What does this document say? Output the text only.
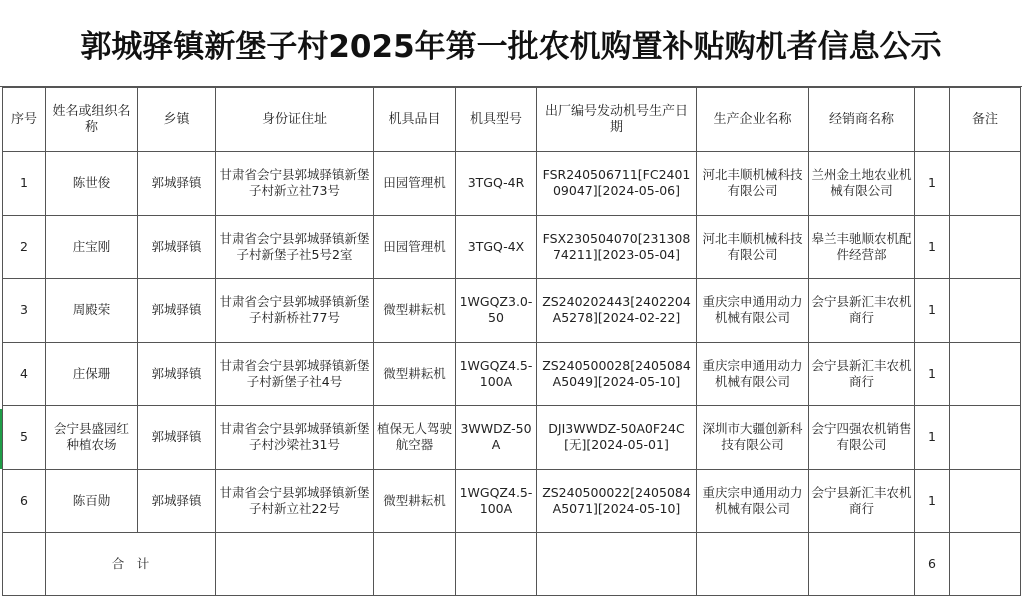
郭城驿镇新堡子村2025年第一批农机购置补贴购机者信息公示
序号	姓名或组织名称	乡镇	身份证住址	机具品目	机具型号	出厂编号发动机号生产日期	生产企业名称	经销商名称		备注
1	陈世俊	郭城驿镇	甘肃省会宁县郭城驿镇新堡子村新立社73号	田园管理机	3TGQ-4R	FSR240506711[FC240109047][2024-05-06]	河北丰顺机械科技有限公司	兰州金土地农业机械有限公司	1	
2	庄宝刚	郭城驿镇	甘肃省会宁县郭城驿镇新堡子村新堡子社5号2室	田园管理机	3TGQ-4X	FSX230504070[23130874211][2023-05-04]	河北丰顺机械科技有限公司	皋兰丰驰顺农机配件经营部	1	
3	周殿荣	郭城驿镇	甘肃省会宁县郭城驿镇新堡子村新桥社77号	微型耕耘机	1WGQZ3.0-50	ZS240202443[2402204A5278][2024-02-22]	重庆宗申通用动力机械有限公司	会宁县新汇丰农机商行	1	
4	庄保珊	郭城驿镇	甘肃省会宁县郭城驿镇新堡子村新堡子社4号	微型耕耘机	1WGQZ4.5-100A	ZS240500028[2405084A5049][2024-05-10]	重庆宗申通用动力机械有限公司	会宁县新汇丰农机商行	1	
5	会宁县盛园红种植农场	郭城驿镇	甘肃省会宁县郭城驿镇新堡子村沙梁社31号	植保无人驾驶航空器	3WWDZ-50A	DJI3WWDZ-50A0F24C[无][2024-05-01]	深圳市大疆创新科技有限公司	会宁四强农机销售有限公司	1	
6	陈百勋	郭城驿镇	甘肃省会宁县郭城驿镇新堡子村新立社22号	微型耕耘机	1WGQZ4.5-100A	ZS240500022[2405084A5071][2024-05-10]	重庆宗申通用动力机械有限公司	会宁县新汇丰农机商行	1	
	合　计								6	
